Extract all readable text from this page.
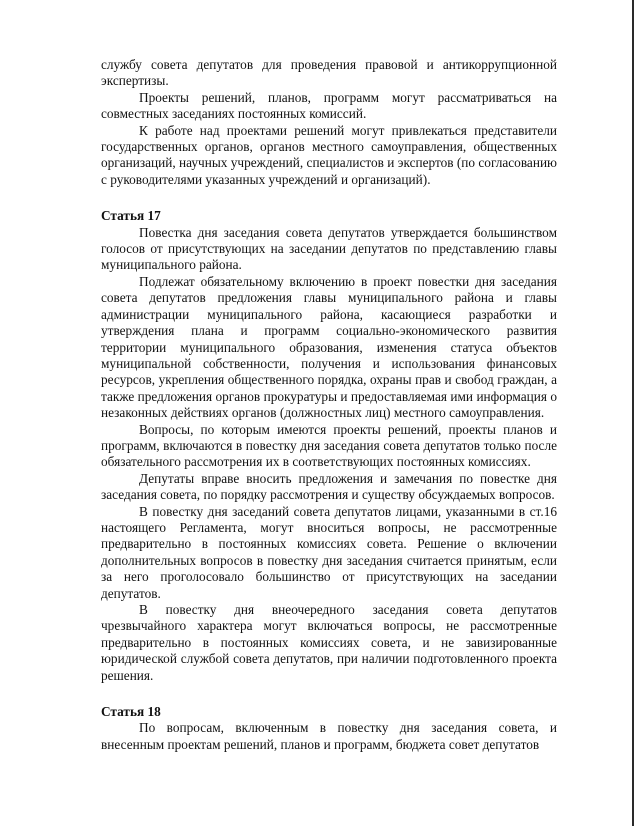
службу совета депутатов для проведения правовой и антикоррупционной экспертизы.

Проекты решений, планов, программ могут рассматриваться на совместных заседаниях постоянных комиссий.

К работе над проектами решений могут привлекаться представители государственных органов, органов местного самоуправления, общественных организаций, научных учреждений, специалистов и экспертов (по согласованию с руководителями указанных учреждений и организаций).

Статья 17

Повестка дня заседания совета депутатов утверждается большинством голосов от присутствующих на заседании депутатов по представлению главы муниципального района.

Подлежат обязательному включению в проект повестки дня заседания совета депутатов предложения главы муниципального района и главы администрации муниципального района, касающиеся разработки и утверждения плана и программ социально-экономического развития территории муниципального образования, изменения статуса объектов муниципальной собственности, получения и использования финансовых ресурсов, укрепления общественного порядка, охраны прав и свобод граждан, а также предложения органов прокуратуры и предоставляемая ими информация о незаконных действиях органов (должностных лиц) местного самоуправления.

Вопросы, по которым имеются проекты решений, проекты планов и программ, включаются в повестку дня заседания совета депутатов только после обязательного рассмотрения их в соответствующих постоянных комиссиях.

Депутаты вправе вносить предложения и замечания по повестке дня заседания совета, по порядку рассмотрения и существу обсуждаемых вопросов.

В повестку дня заседаний совета депутатов лицами, указанными в ст.16 настоящего Регламента, могут вноситься вопросы, не рассмотренные предварительно в постоянных комиссиях совета. Решение о включении дополнительных вопросов в повестку дня заседания считается принятым, если за него проголосовало большинство от присутствующих на заседании депутатов.

В повестку дня внеочередного заседания совета депутатов чрезвычайного характера могут включаться вопросы, не рассмотренные предварительно в постоянных комиссиях совета, и не завизированные юридической службой совета депутатов, при наличии подготовленного проекта решения.

Статья 18

По вопросам, включенным в повестку дня заседания совета, и внесенным проектам решений, планов и программ, бюджета совет депутатов
